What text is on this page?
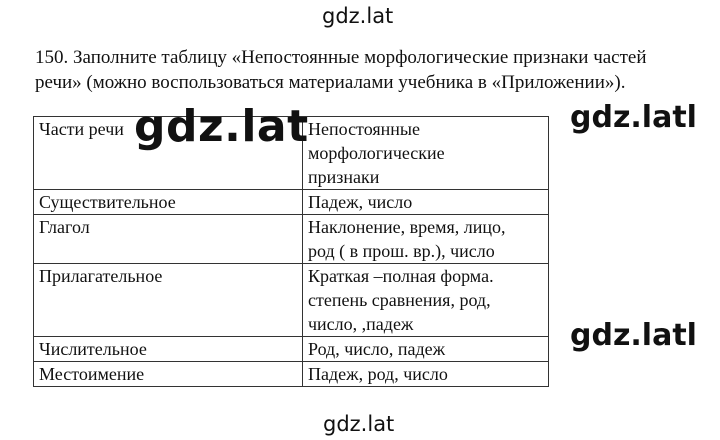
gdz.lat
150. Заполните таблицу «Непостоянные морфологические признаки частей
речи» (можно воспользоваться материалами учебника в «Приложении»).
Части речи	Непостоянные
морфологические
признаки

Существительное	Падеж, число

Глагол	Наклонение, время, лицо,
род ( в прош. вр.), число

Прилагательное	Краткая –полная форма.
степень сравнения, род,
число, ,падеж

Числительное	Род, число, падеж

Местоимение	Падеж, род, число
gdz.lat	gdz.latl
gdz.latl
gdz.lat
